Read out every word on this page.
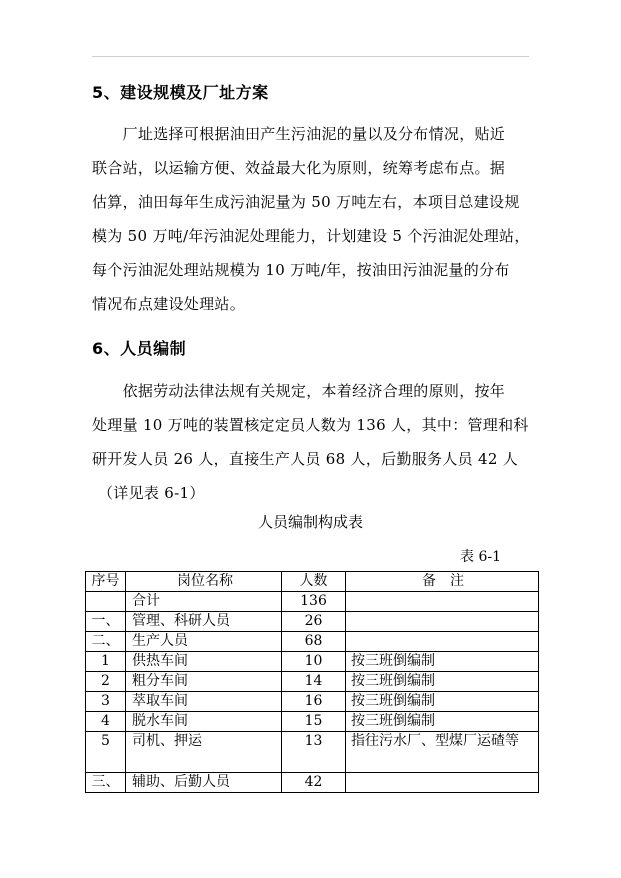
5、建设规模及厂址方案
　　厂址选择可根据油田产生污油泥的量以及分布情况，贴近
联合站，以运输方便、效益最大化为原则，统筹考虑布点。据
估算，油田每年生成污油泥量为 50 万吨左右，本项目总建设规
模为 50 万吨/年污油泥处理能力，计划建设 5 个污油泥处理站，
每个污油泥处理站规模为 10 万吨/年，按油田污油泥量的分布
情况布点建设处理站。
6、人员编制
　　依据劳动法律法规有关规定，本着经济合理的原则，按年
处理量 10 万吨的装置核定定员人数为 136 人，其中：管理和科
研开发人员 26 人，直接生产人员 68 人，后勤服务人员 42 人
（详见表 6-1）
人员编制构成表
表 6-1
序号	岗位名称	人数	备　注
	合计	136	
一、	管理、科研人员	26	
二、	生产人员	68	
1	供热车间	10	按三班倒编制
2	粗分车间	14	按三班倒编制
3	萃取车间	16	按三班倒编制
4	脱水车间	15	按三班倒编制
5	司机、押运	13	指往污水厂、型煤厂运碴等
三、	辅助、后勤人员	42	
